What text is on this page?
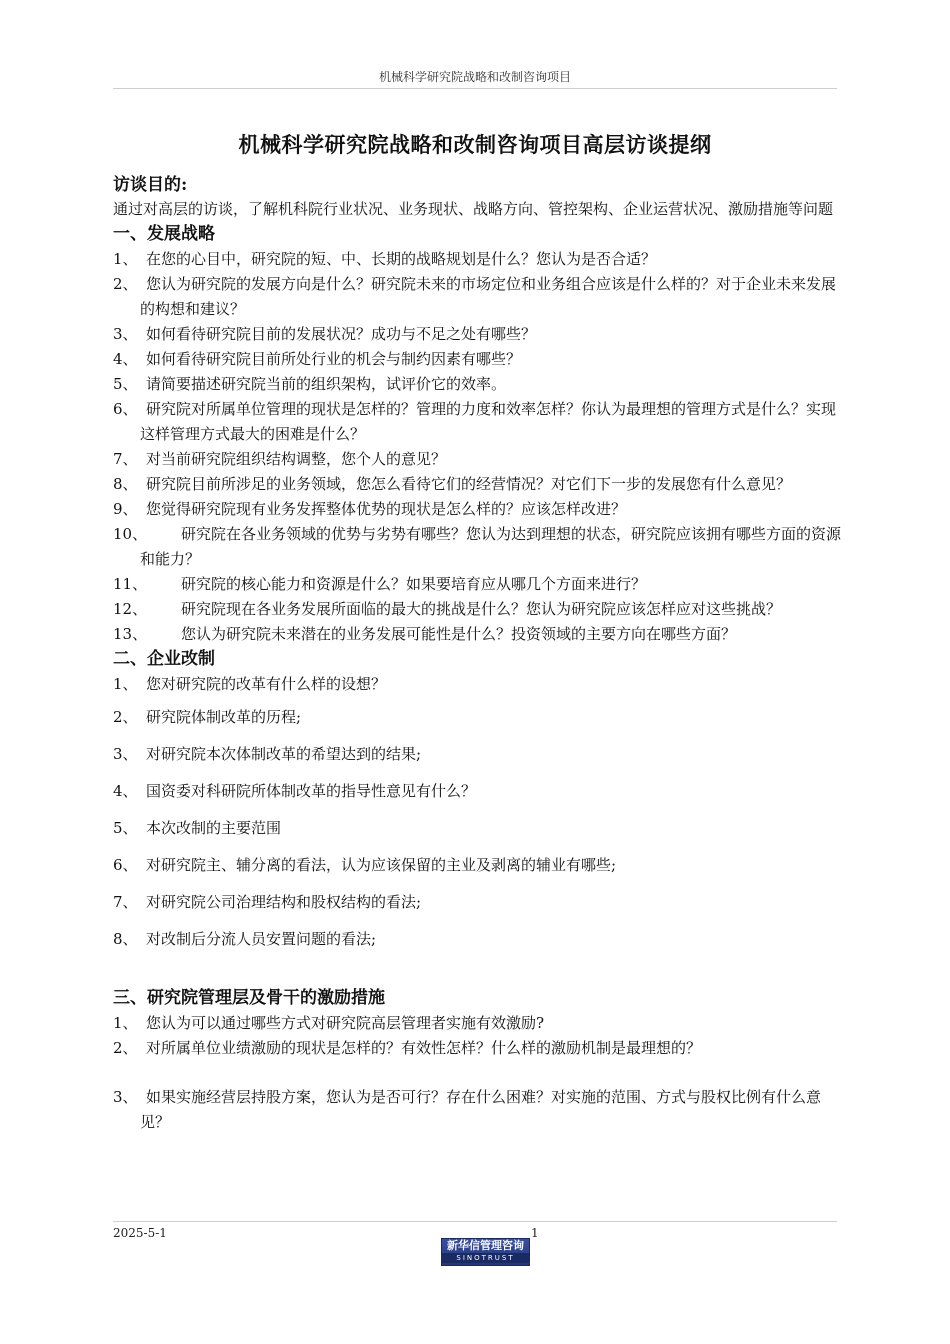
机械科学研究院战略和改制咨询项目
机械科学研究院战略和改制咨询项目高层访谈提纲
访谈目的:
通过对高层的访谈，了解机科院行业状况、业务现状、战略方向、管控架构、企业运营状况、激励措施等问题
一、发展战略
1、 在您的心目中，研究院的短、中、长期的战略规划是什么？您认为是否合适？
2、 您认为研究院的发展方向是什么？研究院未来的市场定位和业务组合应该是什么样的？对于企业未来发展的构想和建议？
3、 如何看待研究院目前的发展状况？成功与不足之处有哪些？
4、 如何看待研究院目前所处行业的机会与制约因素有哪些？
5、 请简要描述研究院当前的组织架构，试评价它的效率。
6、 研究院对所属单位管理的现状是怎样的？管理的力度和效率怎样？你认为最理想的管理方式是什么？实现这样管理方式最大的困难是什么？
7、 对当前研究院组织结构调整，您个人的意见？
8、 研究院目前所涉足的业务领域，您怎么看待它们的经营情况？对它们下一步的发展您有什么意见？
9、 您觉得研究院现有业务发挥整体优势的现状是怎么样的？应该怎样改进？
10、 研究院在各业务领域的优势与劣势有哪些？您认为达到理想的状态，研究院应该拥有哪些方面的资源和能力？
11、 研究院的核心能力和资源是什么？如果要培育应从哪几个方面来进行？
12、 研究院现在各业务发展所面临的最大的挑战是什么？您认为研究院应该怎样应对这些挑战？
13、 您认为研究院未来潜在的业务发展可能性是什么？投资领域的主要方向在哪些方面？
二、企业改制
1、 您对研究院的改革有什么样的设想？
2、 研究院体制改革的历程;
3、 对研究院本次体制改革的希望达到的结果;
4、 国资委对科研院所体制改革的指导性意见有什么？
5、 本次改制的主要范围
6、 对研究院主、辅分离的看法，认为应该保留的主业及剥离的辅业有哪些;
7、 对研究院公司治理结构和股权结构的看法;
8、 对改制后分流人员安置问题的看法;
三、研究院管理层及骨干的激励措施
1、 您认为可以通过哪些方式对研究院高层管理者实施有效激励?
2、 对所属单位业绩激励的现状是怎样的？有效性怎样？什么样的激励机制是最理想的？
3、 如果实施经营层持股方案，您认为是否可行？存在什么困难？对实施的范围、方式与股权比例有什么意见？
2025-5-1	1
新华信管理咨询
SINOTRUST
